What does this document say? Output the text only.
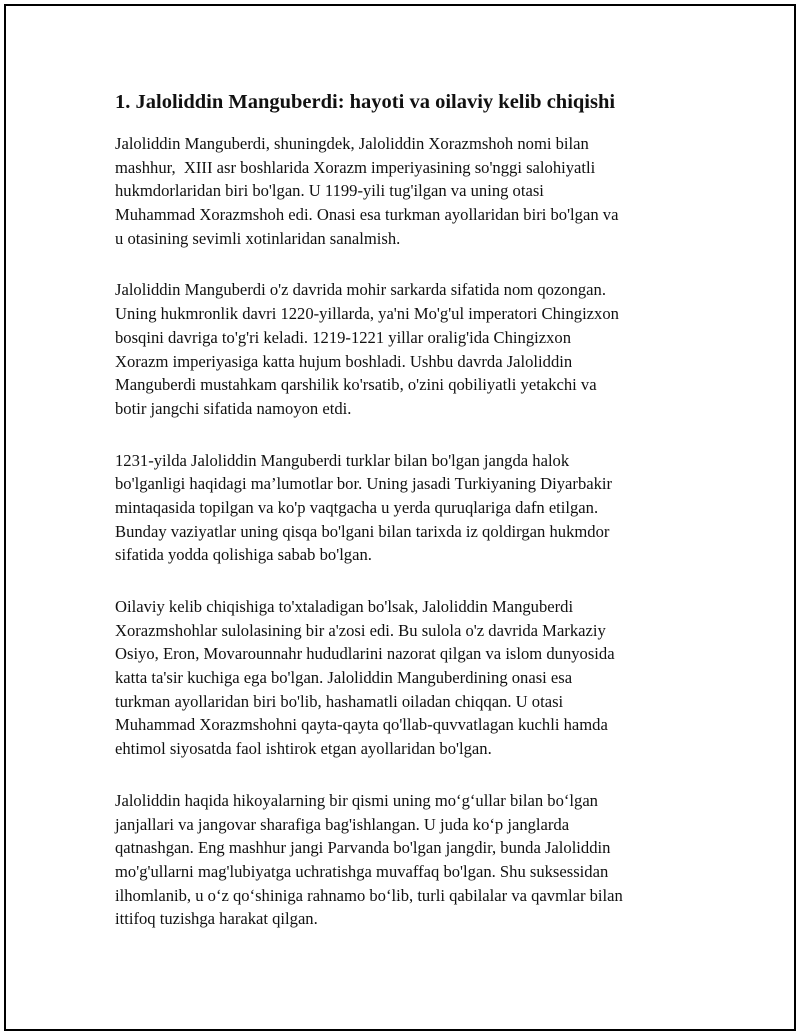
1. Jaloliddin Manguberdi: hayoti va oilaviy kelib chiqishi
Jaloliddin Manguberdi, shuningdek, Jaloliddin Xorazmshoh nomi bilan
mashhur,  XIII asr boshlarida Xorazm imperiyasining so'nggi salohiyatli
hukmdorlaridan biri bo'lgan. U 1199-yili tug'ilgan va uning otasi
Muhammad Xorazmshoh edi. Onasi esa turkman ayollaridan biri bo'lgan va
u otasining sevimli xotinlaridan sanalmish.
Jaloliddin Manguberdi o'z davrida mohir sarkarda sifatida nom qozongan.
Uning hukmronlik davri 1220-yillarda, ya'ni Mo'g'ul imperatori Chingizxon
bosqini davriga to'g'ri keladi. 1219-1221 yillar oralig'ida Chingizxon
Xorazm imperiyasiga katta hujum boshladi. Ushbu davrda Jaloliddin
Manguberdi mustahkam qarshilik ko'rsatib, o'zini qobiliyatli yetakchi va
botir jangchi sifatida namoyon etdi.
1231-yilda Jaloliddin Manguberdi turklar bilan bo'lgan jangda halok
bo'lganligi haqidagi ma’lumotlar bor. Uning jasadi Turkiyaning Diyarbakir
mintaqasida topilgan va ko'p vaqtgacha u yerda quruqlariga dafn etilgan.
Bunday vaziyatlar uning qisqa bo'lgani bilan tarixda iz qoldirgan hukmdor
sifatida yodda qolishiga sabab bo'lgan.
Oilaviy kelib chiqishiga to'xtaladigan bo'lsak, Jaloliddin Manguberdi
Xorazmshohlar sulolasining bir a'zosi edi. Bu sulola o'z davrida Markaziy
Osiyo, Eron, Movarounnahr hududlarini nazorat qilgan va islom dunyosida
katta ta'sir kuchiga ega bo'lgan. Jaloliddin Manguberdining onasi esa
turkman ayollaridan biri bo'lib, hashamatli oiladan chiqqan. U otasi
Muhammad Xorazmshohni qayta-qayta qo'llab-quvvatlagan kuchli hamda
ehtimol siyosatda faol ishtirok etgan ayollaridan bo'lgan.
Jaloliddin haqida hikoyalarning bir qismi uning mo‘g‘ullar bilan bo‘lgan
janjallari va jangovar sharafiga bag'ishlangan. U juda ko‘p janglarda
qatnashgan. Eng mashhur jangi Parvanda bo'lgan jangdir, bunda Jaloliddin
mo'g'ullarni mag'lubiyatga uchratishga muvaffaq bo'lgan. Shu suksessidan
ilhomlanib, u o‘z qo‘shiniga rahnamo bo‘lib, turli qabilalar va qavmlar bilan
ittifoq tuzishga harakat qilgan.
